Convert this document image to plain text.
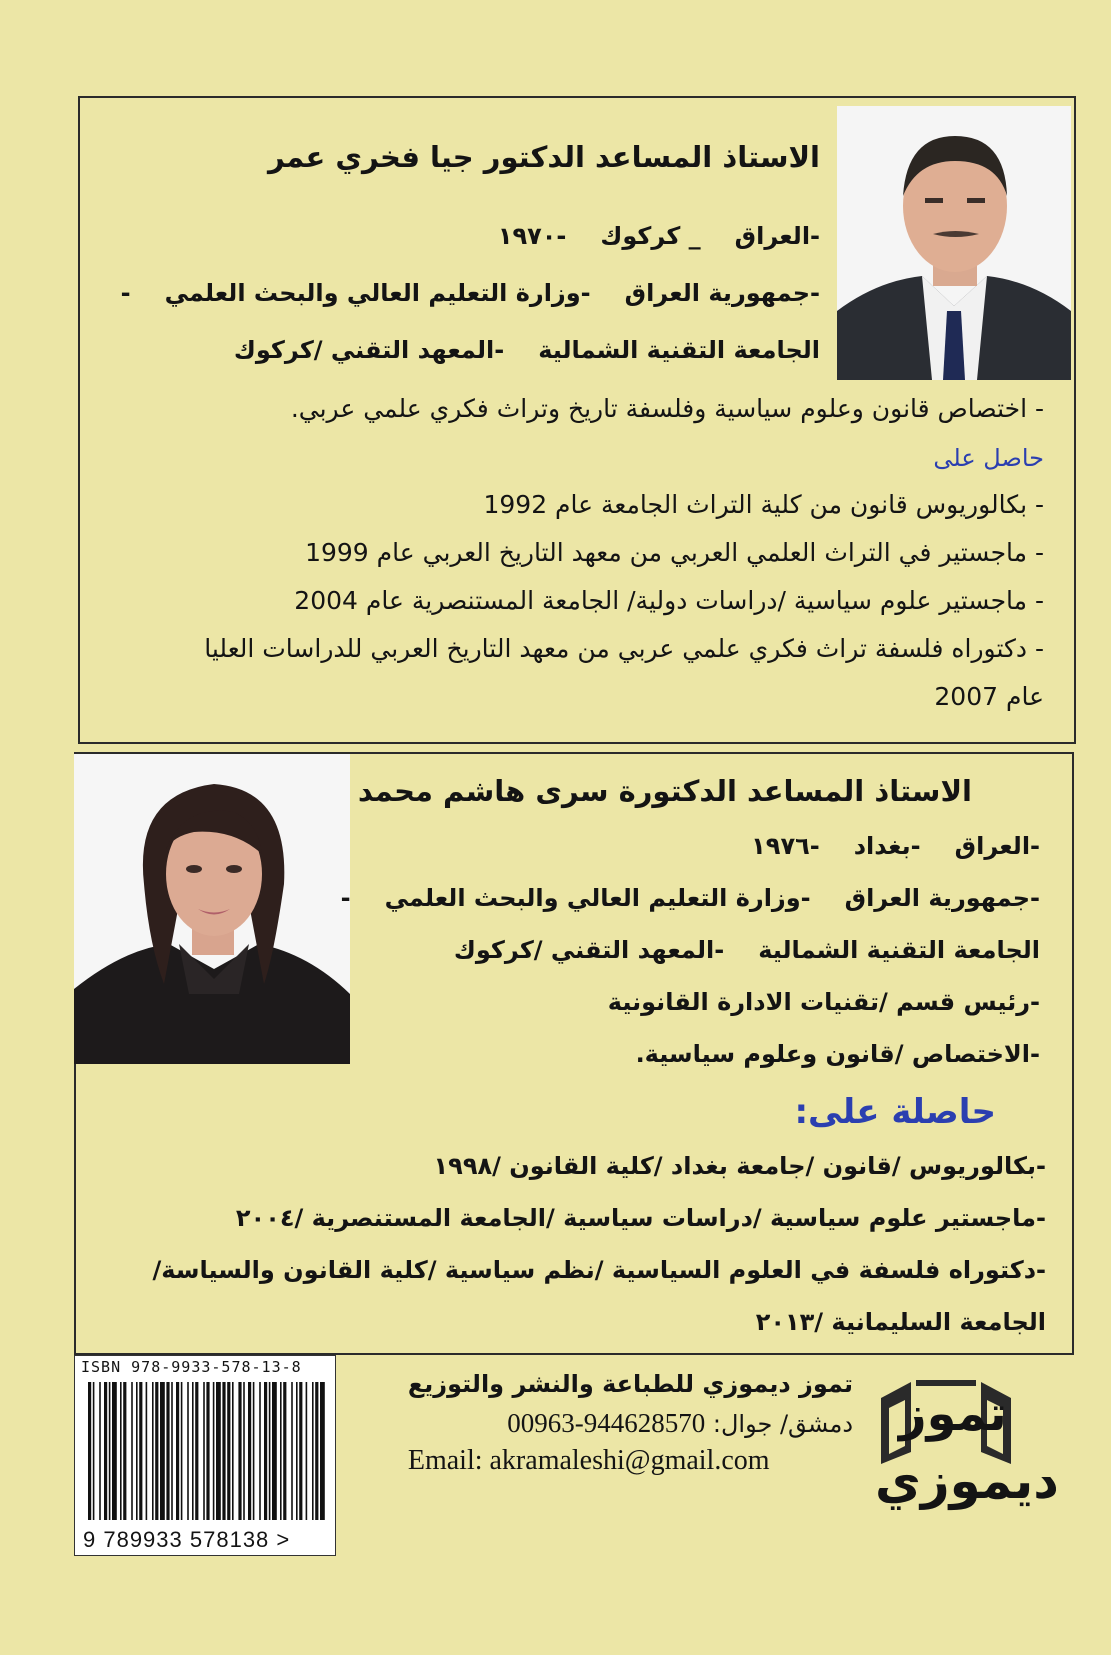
الاستاذ المساعد الدكتور جيا فخري عمر
-العراق_ كركوك-١٩٧٠
-جمهورية العراق-وزارة التعليم العالي والبحث العلمي-
الجامعة التقنية الشمالية-المعهد التقني /كركوك
- اختصاص قانون وعلوم سياسية وفلسفة تاريخ وتراث فكري علمي عربي.
حاصل على
- بكالوريوس قانون من كلية التراث الجامعة عام 1992
- ماجستير في التراث العلمي العربي من معهد التاريخ العربي عام 1999
- ماجستير علوم سياسية /دراسات دولية/ الجامعة المستنصرية عام 2004
- دكتوراه فلسفة تراث فكري علمي عربي من معهد التاريخ العربي للدراسات العليا
عام 2007
الاستاذ المساعد الدكتورة سرى هاشم محمد
-العراق-بغداد-١٩٧٦
-جمهورية العراق-وزارة التعليم العالي والبحث العلمي-
الجامعة التقنية الشمالية-المعهد التقني /كركوك
-رئيس قسم /تقنيات الادارة القانونية
-الاختصاص /قانون وعلوم سياسية.
حاصلة على:
-بكالوريوس /قانون /جامعة بغداد /كلية القانون /١٩٩٨
-ماجستير علوم سياسية /دراسات سياسية /الجامعة المستنصرية /٢٠٠٤
-دكتوراه فلسفة في العلوم السياسية /نظم سياسية /كلية القانون والسياسة/
الجامعة السليمانية /٢٠١٣
ISBN 978-9933-578-13-8
9 789933 578138 >
تموز
ديموزي
تموز ديموزي للطباعة والنشر والتوزيع
دمشق/ جوال: 00963-944628570
Email: akramaleshi@gmail.com
